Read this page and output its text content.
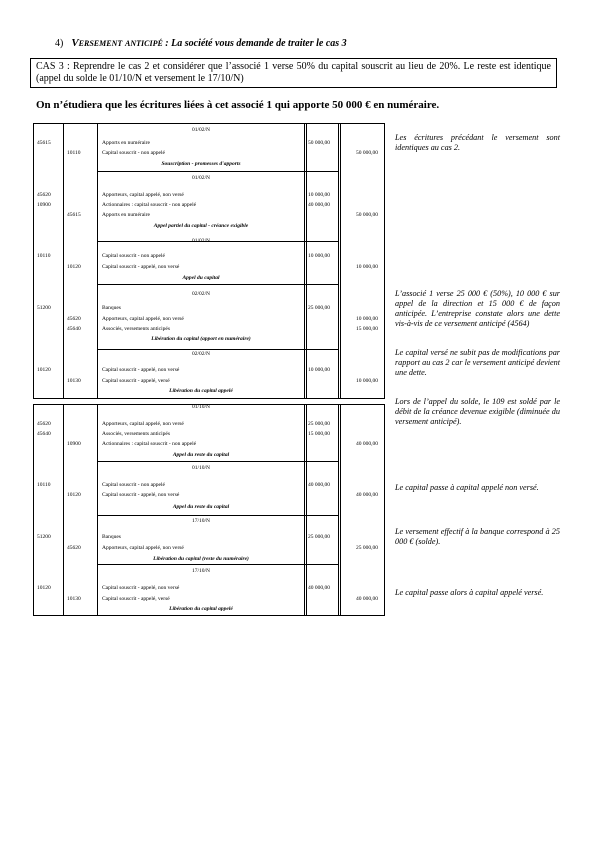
4) Versement anticipé : La société vous demande de traiter le cas 3
CAS 3 : Reprendre le cas 2 et considérer que l’associé 1 verse 50% du capital souscrit au lieu de 20%. Le reste est identique (appel du solde le 01/10/N et versement le 17/10/N)
On n’étudiera que les écritures liées à cet associé 1 qui apporte 50 000 € en numéraire.
01/02/N
45615	Apports en numéraire	50 000,00
10110	Capital souscrit - non appelé	50 000,00
Souscription - promesses d'apports
01/02/N
45620	Apporteurs, capital appelé, non versé	10 000,00
10900	Actionnaires : capital souscrit - non appelé	40 000,00
45615	Apports en numéraire	50 000,00
Appel partiel du capital - créance exigible
01/02/N
10110	Capital souscrit - non appelé	10 000,00
10120	Capital souscrit - appelé, non versé	10 000,00
Appel du capital
02/02/N
51200	Banques	25 000,00
45620	Apporteurs, capital appelé, non versé	10 000,00
45640	Associés, versements anticipés	15 000,00
Libération du capital (apport en numéraire)
02/02/N
10120	Capital souscrit - appelé, non versé	10 000,00
10130	Capital souscrit - appelé, versé	10 000,00
Libération du capital appelé
01/10/N
45620	Apporteurs, capital appelé, non versé	25 000,00
45640	Associés, versements anticipés	15 000,00
10900	Actionnaires : capital souscrit - non appelé	40 000,00
Appel du reste du capital
01/10/N
10110	Capital souscrit - non appelé	40 000,00
10120	Capital souscrit - appelé, non versé	40 000,00
Appel du reste du capital
17/10/N
51200	Banques	25 000,00
45620	Apporteurs, capital appelé, non versé	25 000,00
Libération du capital (reste du numéraire)
17/10/N
10120	Capital souscrit - appelé, non versé	40 000,00
10130	Capital souscrit - appelé, versé	40 000,00
Libération du capital appelé
Les écritures précédant le versement sont identiques au cas 2.
L’associé 1 verse 25 000 € (50%), 10 000 € sur appel de la direction et 15 000 € de façon anticipée. L’entreprise constate alors une dette vis-à-vis de ce versement anticipé (4564)
Le capital versé ne subit pas de modifications par rapport au cas 2 car le versement anticipé devient une dette.
Lors de l’appel du solde, le 109 est soldé par le débit de la créance devenue exigible (diminuée du versement anticipé).
Le capital passe à capital appelé non versé.
Le versement effectif à la banque correspond à 25 000 € (solde).
Le capital passe alors à capital appelé versé.
